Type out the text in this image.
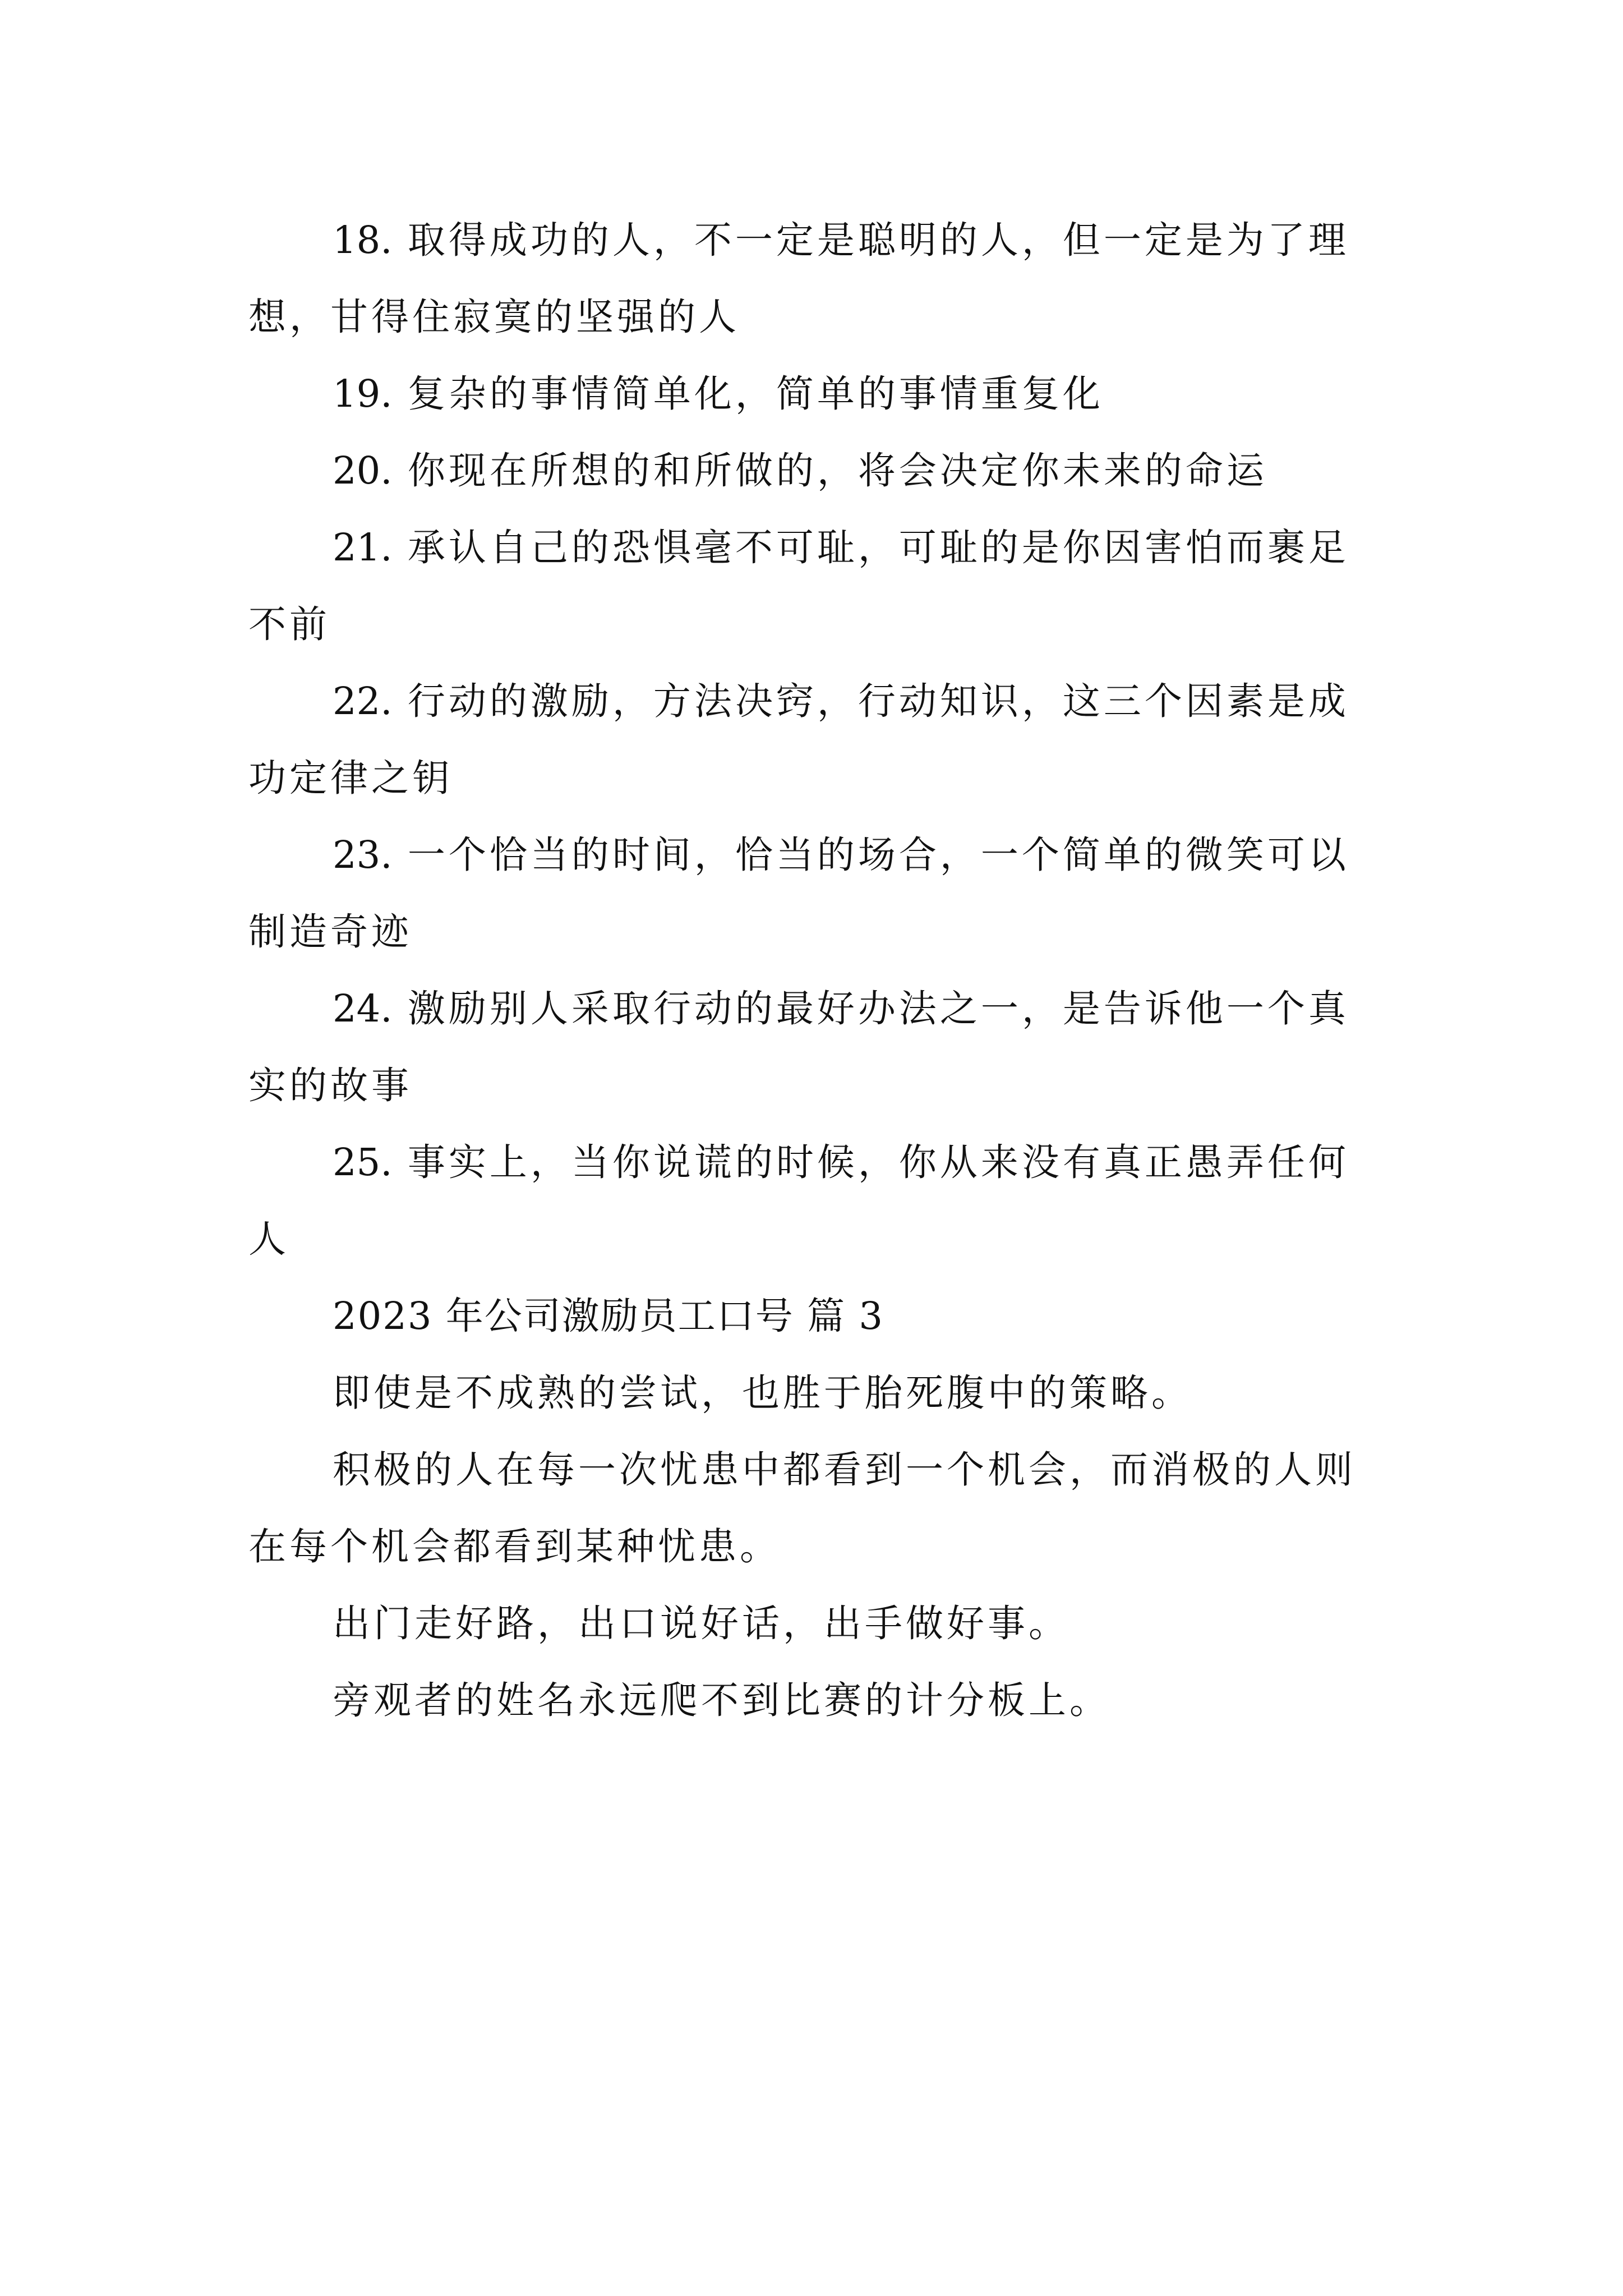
18. 取得成功的人，不一定是聪明的人，但一定是为了理想，甘得住寂寞的坚强的人

19. 复杂的事情简单化，简单的事情重复化

20. 你现在所想的和所做的，将会决定你未来的命运

21. 承认自己的恐惧毫不可耻，可耻的是你因害怕而裹足不前

22. 行动的激励，方法决窍，行动知识，这三个因素是成功定律之钥

23. 一个恰当的时间，恰当的场合，一个简单的微笑可以制造奇迹

24. 激励别人采取行动的最好办法之一，是告诉他一个真实的故事

25. 事实上，当你说谎的时候，你从来没有真正愚弄任何人

2023 年公司激励员工口号 篇 3

即使是不成熟的尝试，也胜于胎死腹中的策略。

积极的人在每一次忧患中都看到一个机会，而消极的人则在每个机会都看到某种忧患。

出门走好路，出口说好话，出手做好事。

旁观者的姓名永远爬不到比赛的计分板上。
